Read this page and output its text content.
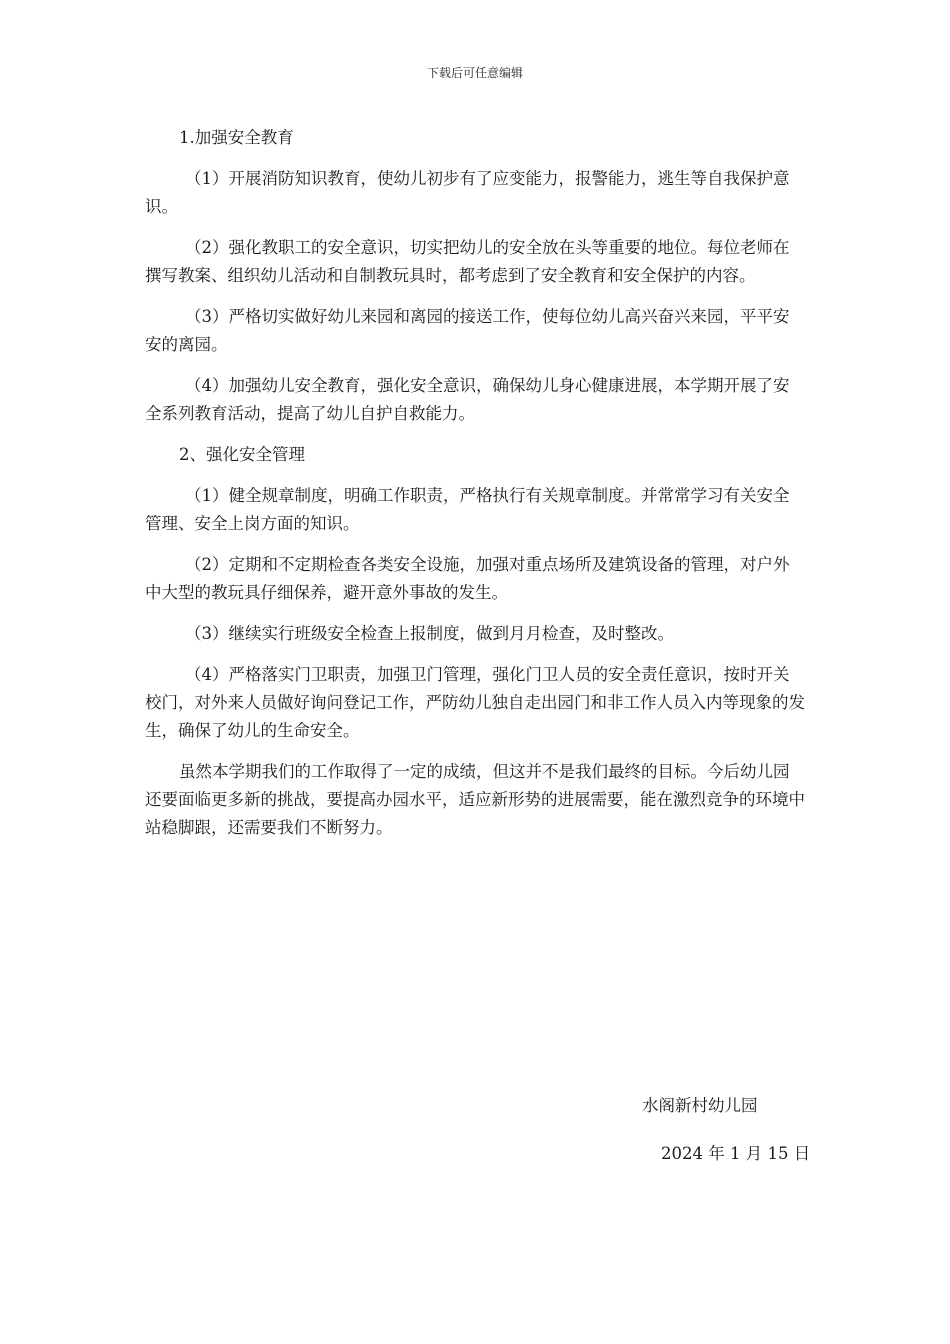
下载后可任意编辑

1.加强安全教育

（1）开展消防知识教育，使幼儿初步有了应变能力，报警能力，逃生等自我保护意识。

（2）强化教职工的安全意识，切实把幼儿的安全放在头等重要的地位。每位老师在撰写教案、组织幼儿活动和自制教玩具时，都考虑到了安全教育和安全保护的内容。

（3）严格切实做好幼儿来园和离园的接送工作，使每位幼儿高兴奋兴来园，平平安安的离园。

（4）加强幼儿安全教育，强化安全意识，确保幼儿身心健康进展，本学期开展了安全系列教育活动，提高了幼儿自护自救能力。

2、强化安全管理

（1）健全规章制度，明确工作职责，严格执行有关规章制度。并常常学习有关安全管理、安全上岗方面的知识。

（2）定期和不定期检查各类安全设施，加强对重点场所及建筑设备的管理，对户外中大型的教玩具仔细保养，避开意外事故的发生。

（3）继续实行班级安全检查上报制度，做到月月检查，及时整改。

（4）严格落实门卫职责，加强卫门管理，强化门卫人员的安全责任意识，按时开关校门，对外来人员做好询问登记工作，严防幼儿独自走出园门和非工作人员入内等现象的发生，确保了幼儿的生命安全。

虽然本学期我们的工作取得了一定的成绩，但这并不是我们最终的目标。今后幼儿园还要面临更多新的挑战，要提高办园水平，适应新形势的进展需要，能在激烈竞争的环境中站稳脚跟，还需要我们不断努力。

水阁新村幼儿园
2024 年 1 月 15 日
